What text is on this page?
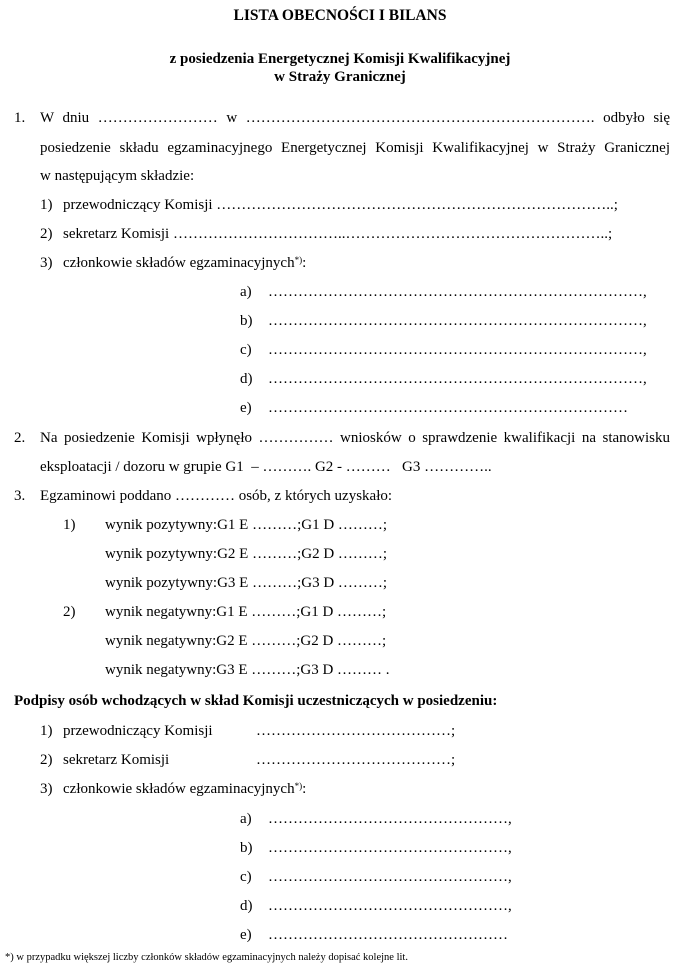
LISTA OBECNOŚCI I BILANS
z posiedzenia Energetycznej Komisji Kwalifikacyjnej
w Straży Granicznej
1. W dniu …………………… w ……………………………………………………………. odbyło się
posiedzenie składu egzaminacyjnego Energetycznej Komisji Kwalifikacyjnej w Straży Granicznej
w następującym składzie:
1) przewodniczący Komisji ……………………………………………………………………..;
2) sekretarz Komisji ……………………………..……………………………………………..;
3) członkowie składów egzaminacyjnych*):
a) …………………………………………………………………,
b) …………………………………………………………………,
c) …………………………………………………………………,
d) …………………………………………………………………,
e) ………………………………………………………………
2. Na posiedzenie Komisji wpłynęło …………… wniosków o sprawdzenie kwalifikacji na stanowisku
eksploatacji / dozoru w grupie G1  – ………. G2 - ………   G3 …………..
3. Egzaminowi poddano ………… osób, z których uzyskało:
1) wynik pozytywny:G1 E ………;G1 D ………;
wynik pozytywny:G2 E ………;G2 D ………;
wynik pozytywny:G3 E ………;G3 D ………;
2) wynik negatywny:G1 E ………;G1 D ………;
wynik negatywny:G2 E ………;G2 D ………;
wynik negatywny:G3 E ………;G3 D ……… .
Podpisy osób wchodzących w skład Komisji uczestniczących w posiedzeniu:
1) przewodniczący Komisji	…………………………………;
2) sekretarz Komisji	…………………………………;
3) członkowie składów egzaminacyjnych*):
a) …………………………………………,
b) …………………………………………,
c) …………………………………………,
d) …………………………………………,
e) …………………………………………
*) w przypadku większej liczby członków składów egzaminacyjnych należy dopisać kolejne lit.
